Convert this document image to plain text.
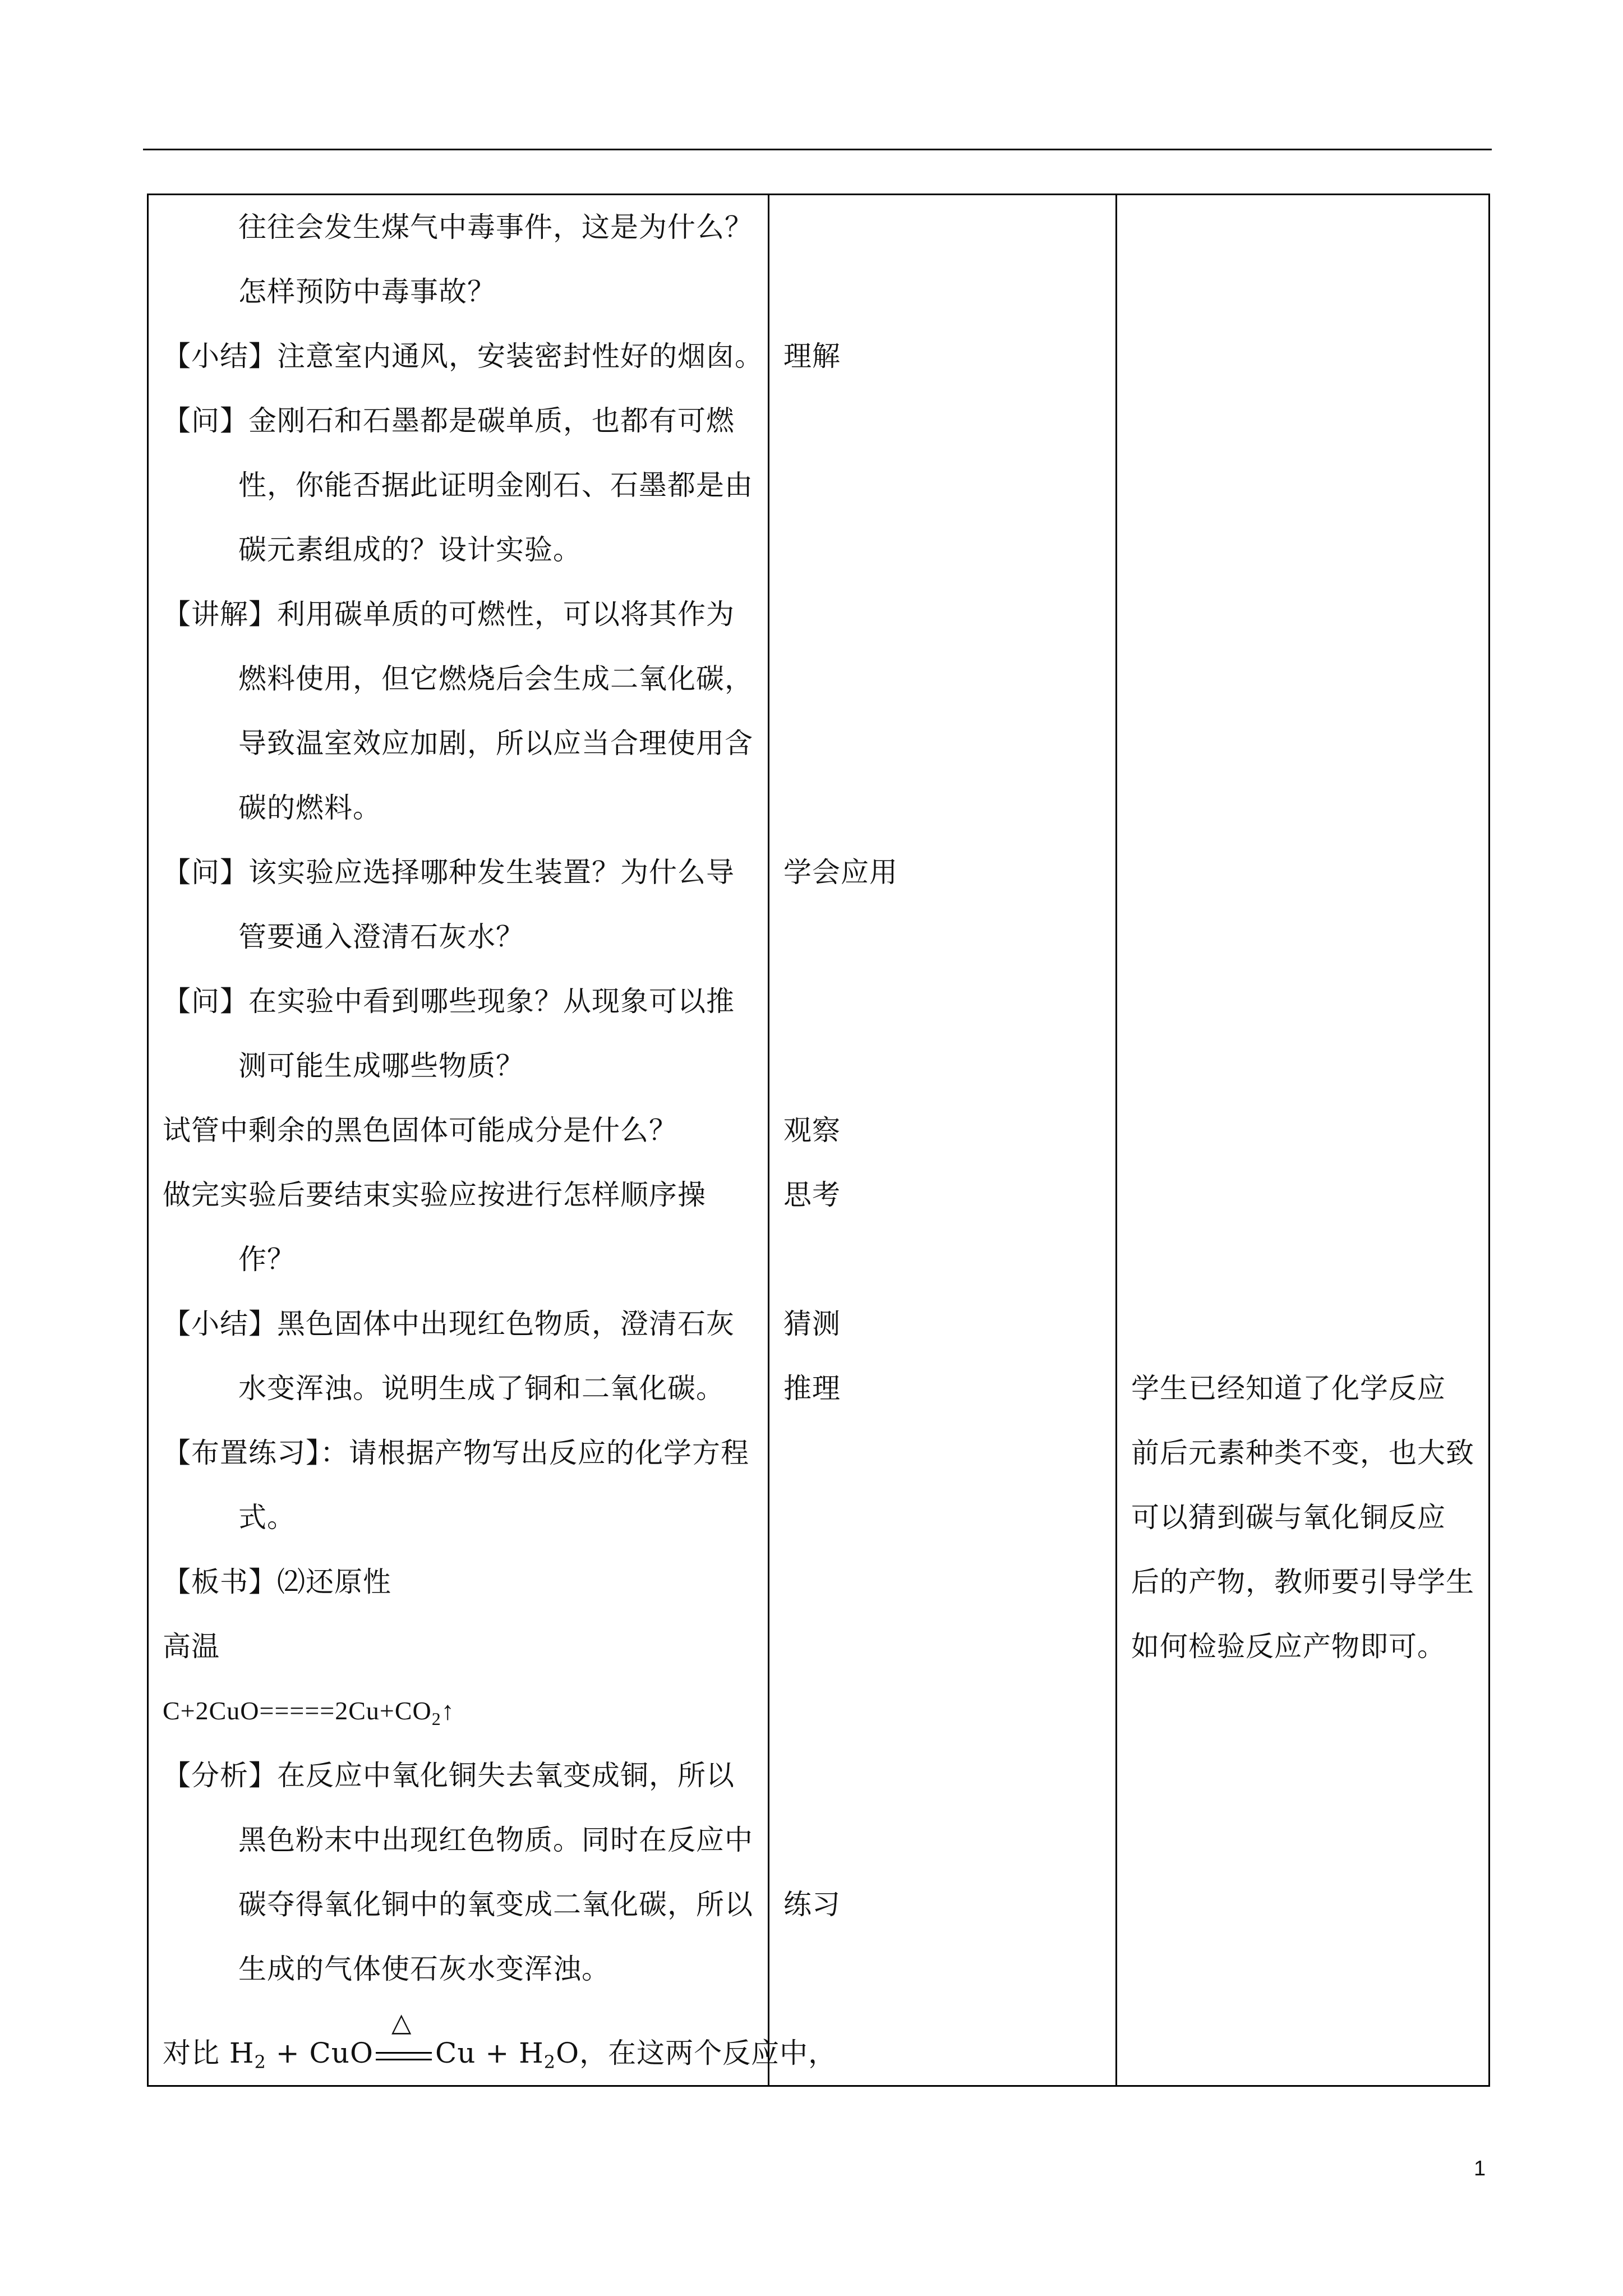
往往会发生煤气中毒事件，这是为什么？
怎样预防中毒事故？
【小结】注意室内通风，安装密封性好的烟囱。
【问】金刚石和石墨都是碳单质，也都有可燃
性，你能否据此证明金刚石、石墨都是由
碳元素组成的？设计实验。
【讲解】利用碳单质的可燃性，可以将其作为
燃料使用，但它燃烧后会生成二氧化碳，
导致温室效应加剧，所以应当合理使用含
碳的燃料。
【问】该实验应选择哪种发生装置？为什么导
管要通入澄清石灰水？
【问】在实验中看到哪些现象？从现象可以推
测可能生成哪些物质？
试管中剩余的黑色固体可能成分是什么？
做完实验后要结束实验应按进行怎样顺序操
作？
【小结】黑色固体中出现红色物质，澄清石灰
水变浑浊。说明生成了铜和二氧化碳。
【布置练习】：请根据产物写出反应的化学方程
式。
【板书】⑵还原性
高温
$C+2CuO=====2Cu+CO_2↑$
【分析】在反应中氧化铜失去氧变成铜，所以
黑色粉末中出现红色物质。同时在反应中
碳夺得氧化铜中的氧变成二氧化碳，所以
生成的气体使石灰水变浑浊。
对比 $H_2$ + CuO
△
$Cu + H_2O$，在这两个反应中，
理解
学会应用
观察
思考
猜测
推理
练习
学生已经知道了化学反应
前后元素种类不变，也大致
可以猜到碳与氧化铜反应
后的产物，教师要引导学生
如何检验反应产物即可。
1
